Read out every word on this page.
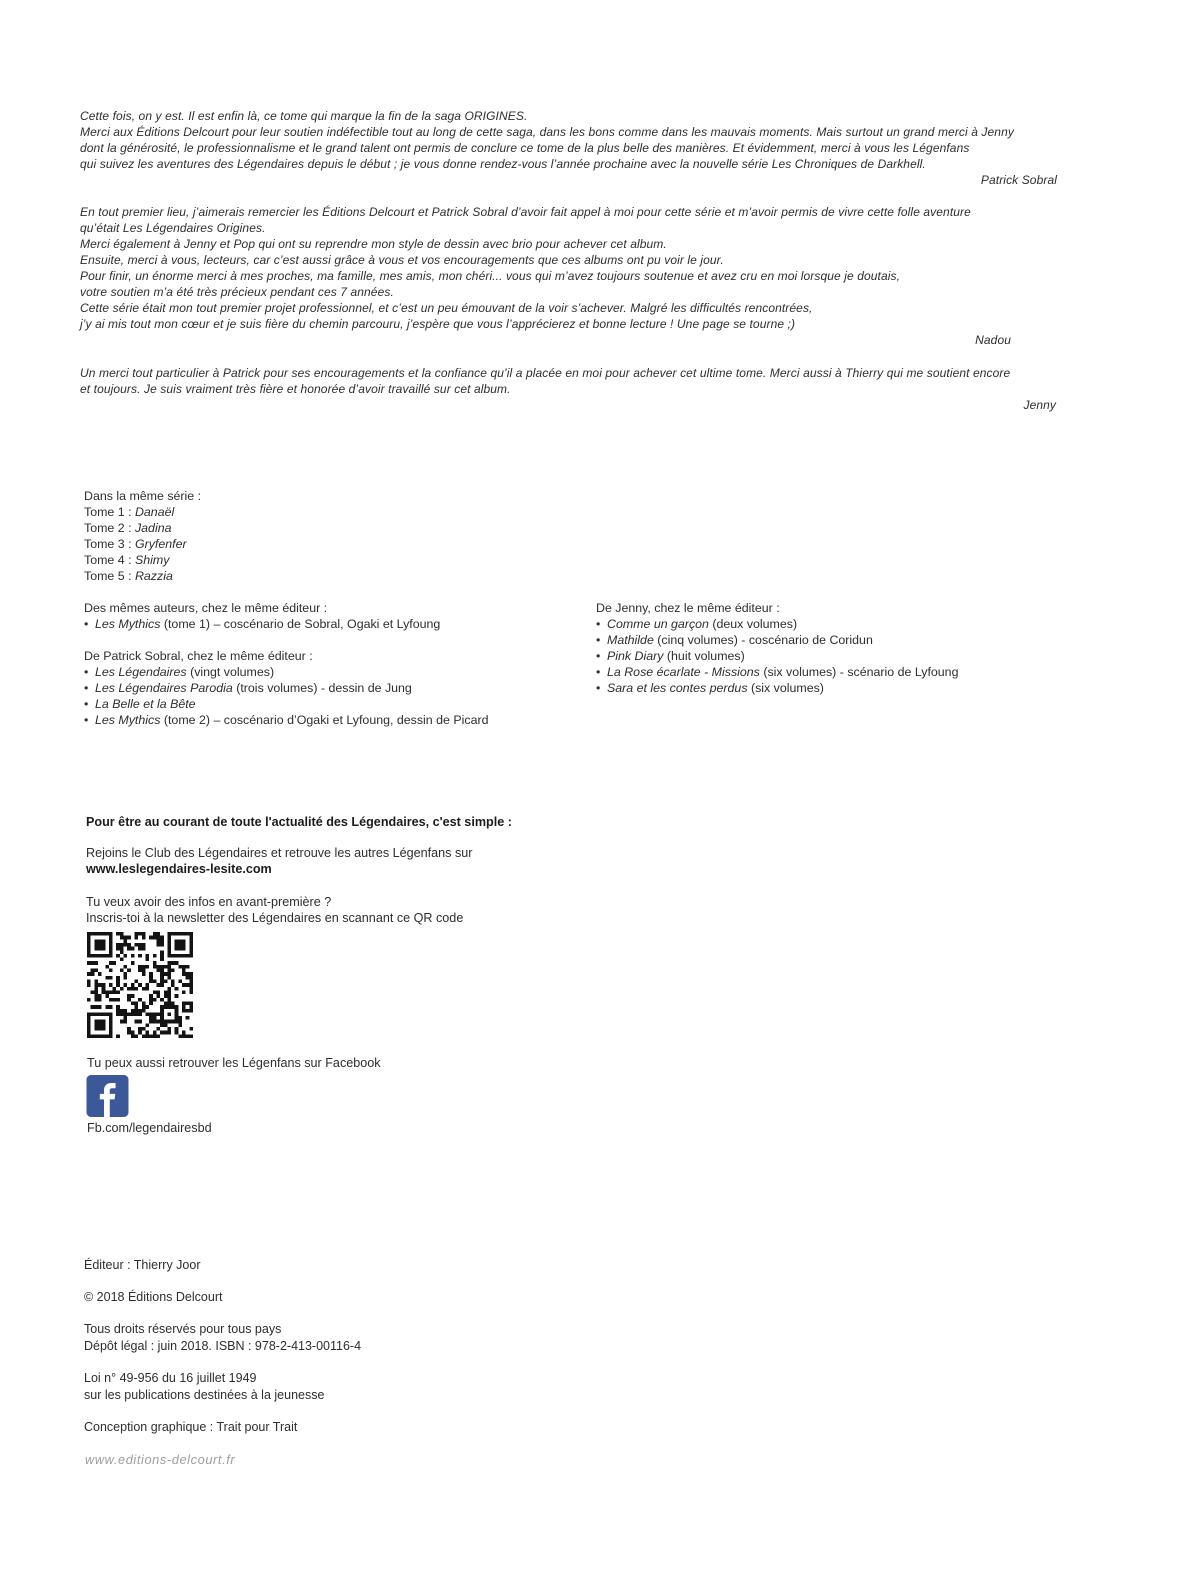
Cette fois, on y est. Il est enfin là, ce tome qui marque la fin de la saga ORIGINES.
Merci aux Éditions Delcourt pour leur soutien indéfectible tout au long de cette saga, dans les bons comme dans les mauvais moments. Mais surtout un grand merci à Jenny
dont la générosité, le professionnalisme et le grand talent ont permis de conclure ce tome de la plus belle des manières. Et évidemment, merci à vous les Légenfans
qui suivez les aventures des Légendaires depuis le début ; je vous donne rendez-vous l’année prochaine avec la nouvelle série Les Chroniques de Darkhell.
Patrick Sobral
En tout premier lieu, j’aimerais remercier les Éditions Delcourt et Patrick Sobral d’avoir fait appel à moi pour cette série et m’avoir permis de vivre cette folle aventure
qu’était Les Légendaires Origines.
Merci également à Jenny et Pop qui ont su reprendre mon style de dessin avec brio pour achever cet album.
Ensuite, merci à vous, lecteurs, car c’est aussi grâce à vous et vos encouragements que ces albums ont pu voir le jour.
Pour finir, un énorme merci à mes proches, ma famille, mes amis, mon chéri... vous qui m’avez toujours soutenue et avez cru en moi lorsque je doutais,
votre soutien m’a été très précieux pendant ces 7 années.
Cette série était mon tout premier projet professionnel, et c’est un peu émouvant de la voir s’achever. Malgré les difficultés rencontrées,
j’y ai mis tout mon cœur et je suis fière du chemin parcouru, j’espère que vous l’apprécierez et bonne lecture ! Une page se tourne ;)
Nadou
Un merci tout particulier à Patrick pour ses encouragements et la confiance qu’il a placée en moi pour achever cet ultime tome. Merci aussi à Thierry qui me soutient encore
et toujours. Je suis vraiment très fière et honorée d’avoir travaillé sur cet album.
Jenny
Dans la même série :
Tome 1 : Danaël
Tome 2 : Jadina
Tome 3 : Gryfenfer
Tome 4 : Shimy
Tome 5 : Razzia
Des mêmes auteurs, chez le même éditeur :
• Les Mythics (tome 1) – coscénario de Sobral, Ogaki et Lyfoung
De Patrick Sobral, chez le même éditeur :
• Les Légendaires (vingt volumes)
• Les Légendaires Parodia (trois volumes) - dessin de Jung
• La Belle et la Bête
• Les Mythics (tome 2) – coscénario d’Ogaki et Lyfoung, dessin de Picard
De Jenny, chez le même éditeur :
• Comme un garçon (deux volumes)
• Mathilde (cinq volumes) - coscénario de Coridun
• Pink Diary (huit volumes)
• La Rose écarlate - Missions (six volumes) - scénario de Lyfoung
• Sara et les contes perdus (six volumes)
Pour être au courant de toute l'actualité des Légendaires, c'est simple :
Rejoins le Club des Légendaires et retrouve les autres Légenfans sur
www.leslegendaires-lesite.com
Tu veux avoir des infos en avant-première ?
Inscris-toi à la newsletter des Légendaires en scannant ce QR code
Tu peux aussi retrouver les Légenfans sur Facebook
Fb.com/legendairesbd
Éditeur : Thierry Joor
© 2018 Éditions Delcourt
Tous droits réservés pour tous pays
Dépôt légal : juin 2018. ISBN : 978-2-413-00116-4
Loi n° 49-956 du 16 juillet 1949
sur les publications destinées à la jeunesse
Conception graphique : Trait pour Trait
www.editions-delcourt.fr
